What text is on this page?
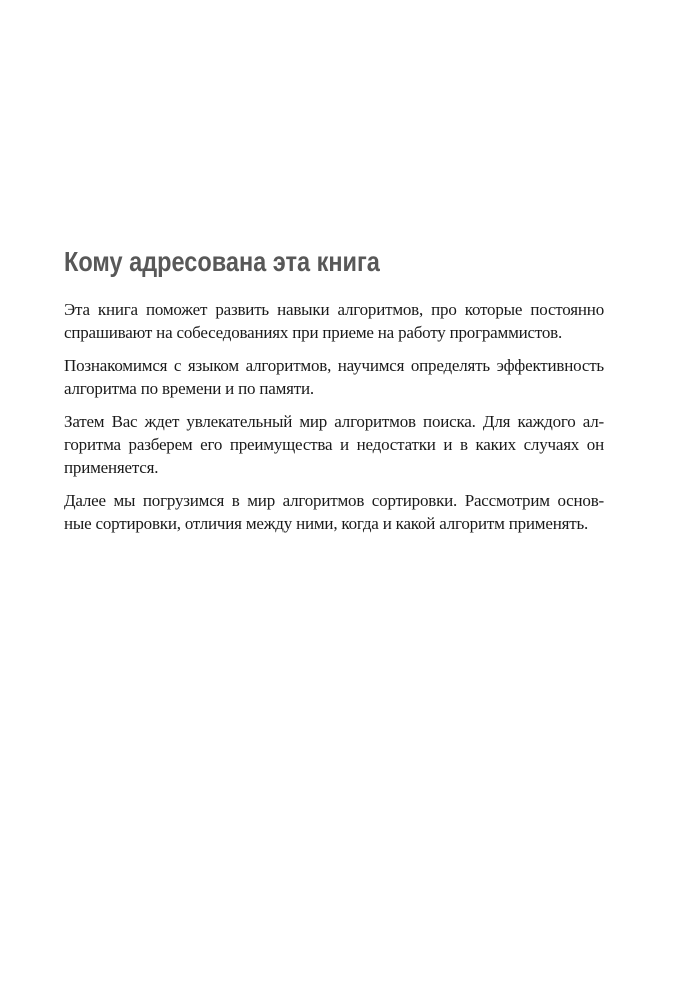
Кому адресована эта книга

Эта книга поможет развить навыки алгоритмов, про которые постоянно
спрашивают на собеседованиях при приеме на работу программистов.

Познакомимся с языком алгоритмов, научимся определять эффективность
алгоритма по времени и по памяти.

Затем Вас ждет увлекательный мир алгоритмов поиска. Для каждого ал-
горитма разберем его преимущества и недостатки и в каких случаях он
применяется.

Далее мы погрузимся в мир алгоритмов сортировки. Рассмотрим основ-
ные сортировки, отличия между ними, когда и какой алгоритм применять.
